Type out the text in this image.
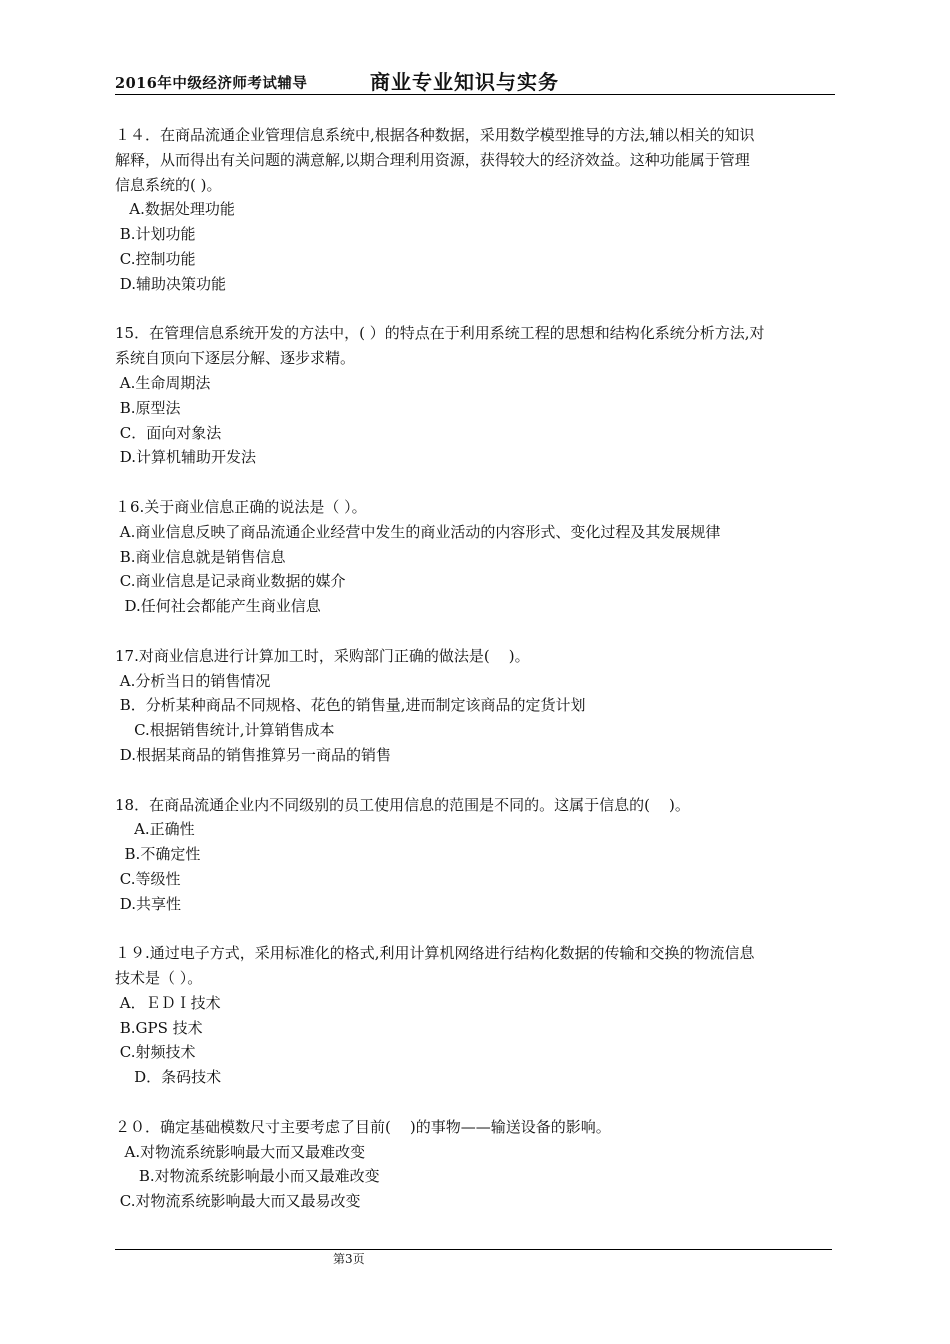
2016年中级经济师考试辅导	商业专业知识与实务

１４．在商品流通企业管理信息系统中,根据各种数据，采用数学模型推导的方法,辅以相关的知识

解释，从而得出有关问题的满意解,以期合理利用资源，获得较大的经济效益。这种功能属于管理

信息系统的( )。

A.数据处理功能

B.计划功能

C.控制功能

D.辅助决策功能

15．在管理信息系统开发的方法中，( ）的特点在于利用系统工程的思想和结构化系统分析方法,对

系统自顶向下逐层分解、逐步求精。

A.生命周期法

B.原型法

C．面向对象法

D.计算机辅助开发法

１6.关于商业信息正确的说法是（ ）。

A.商业信息反映了商品流通企业经营中发生的商业活动的内容形式、变化过程及其发展规律

B.商业信息就是销售信息

C.商业信息是记录商业数据的媒介

D.任何社会都能产生商业信息

17.对商业信息进行计算加工时，采购部门正确的做法是(    )。

A.分析当日的销售情况

B．分析某种商品不同规格、花色的销售量,进而制定该商品的定货计划

C.根据销售统计,计算销售成本

D.根据某商品的销售推算另一商品的销售

18．在商品流通企业内不同级别的员工使用信息的范围是不同的。这属于信息的(    )。

A.正确性

B.不确定性

C.等级性

D.共享性

１９.通过电子方式，采用标准化的格式,利用计算机网络进行结构化数据的传输和交换的物流信息

技术是（ ）。

A．ＥＤＩ技术

B.GPS 技术

C.射频技术

D．条码技术

２０．确定基础模数尺寸主要考虑了目前(    )的事物——输送设备的影响。

A.对物流系统影响最大而又最难改变

B.对物流系统影响最小而又最难改变

C.对物流系统影响最大而又最易改变

第3页
